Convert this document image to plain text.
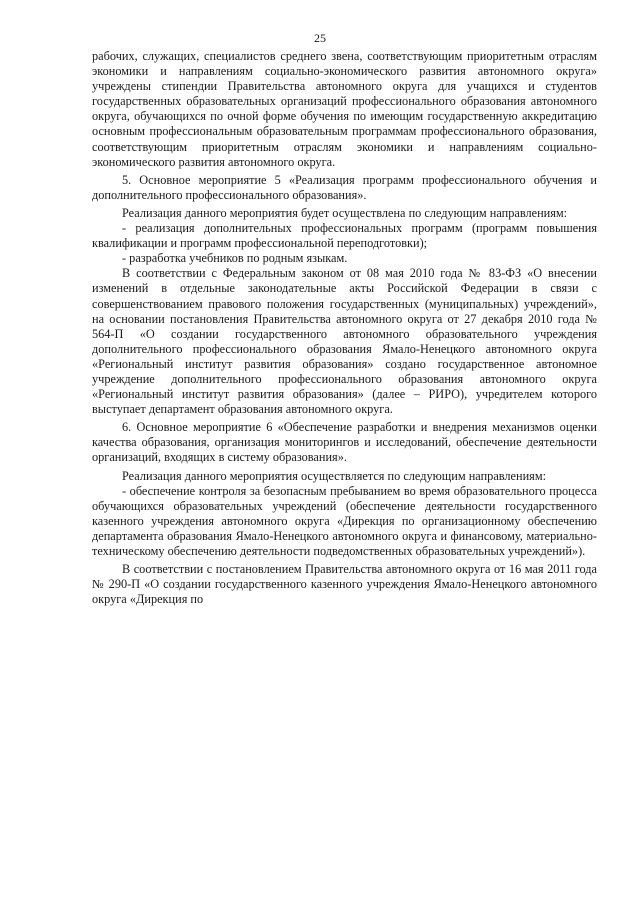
25

рабочих, служащих, специалистов среднего звена, соответствующим приоритетным отраслям экономики и направлениям социально-экономического развития автономного округа» учреждены стипендии Правительства автономного округа для учащихся и студентов государственных образовательных организаций профессионального образования автономного округа, обучающихся по очной форме обучения по имеющим государственную аккредитацию основным профессиональным образовательным программам профессионального образования, соответствующим приоритетным отраслям экономики и направлениям социально-экономического развития автономного округа.

5. Основное мероприятие 5 «Реализация программ профессионального обучения и дополнительного профессионального образования».

Реализация данного мероприятия будет осуществлена по следующим направлениям:

- реализация дополнительных профессиональных программ (программ повышения квалификации и программ профессиональной переподготовки);

- разработка учебников по родным языкам.

В соответствии с Федеральным законом от 08 мая 2010 года № 83-ФЗ «О внесении изменений в отдельные законодательные акты Российской Федерации в связи с совершенствованием правового положения государственных (муниципальных) учреждений», на основании постановления Правительства автономного округа от 27 декабря 2010 года № 564-П «О создании государственного автономного образовательного учреждения дополнительного профессионального образования Ямало-Ненецкого автономного округа «Региональный институт развития образования» создано государственное автономное учреждение дополнительного профессионального образования автономного округа «Региональный институт развития образования» (далее – РИРО), учредителем которого выступает департамент образования автономного округа.

6. Основное мероприятие 6 «Обеспечение разработки и внедрения механизмов оценки качества образования, организация мониторингов и исследований, обеспечение деятельности организаций, входящих в систему образования».

Реализация данного мероприятия осуществляется по следующим направлениям:

- обеспечение контроля за безопасным пребыванием во время образовательного процесса обучающихся образовательных учреждений (обеспечение деятельности государственного казенного учреждения автономного округа «Дирекция по организационному обеспечению департамента образования Ямало-Ненецкого автономного округа и финансовому, материально-техническому обеспечению деятельности подведомственных образовательных учреждений»).

В соответствии с постановлением Правительства автономного округа от 16 мая 2011 года № 290-П «О создании государственного казенного учреждения Ямало-Ненецкого автономного округа «Дирекция по
